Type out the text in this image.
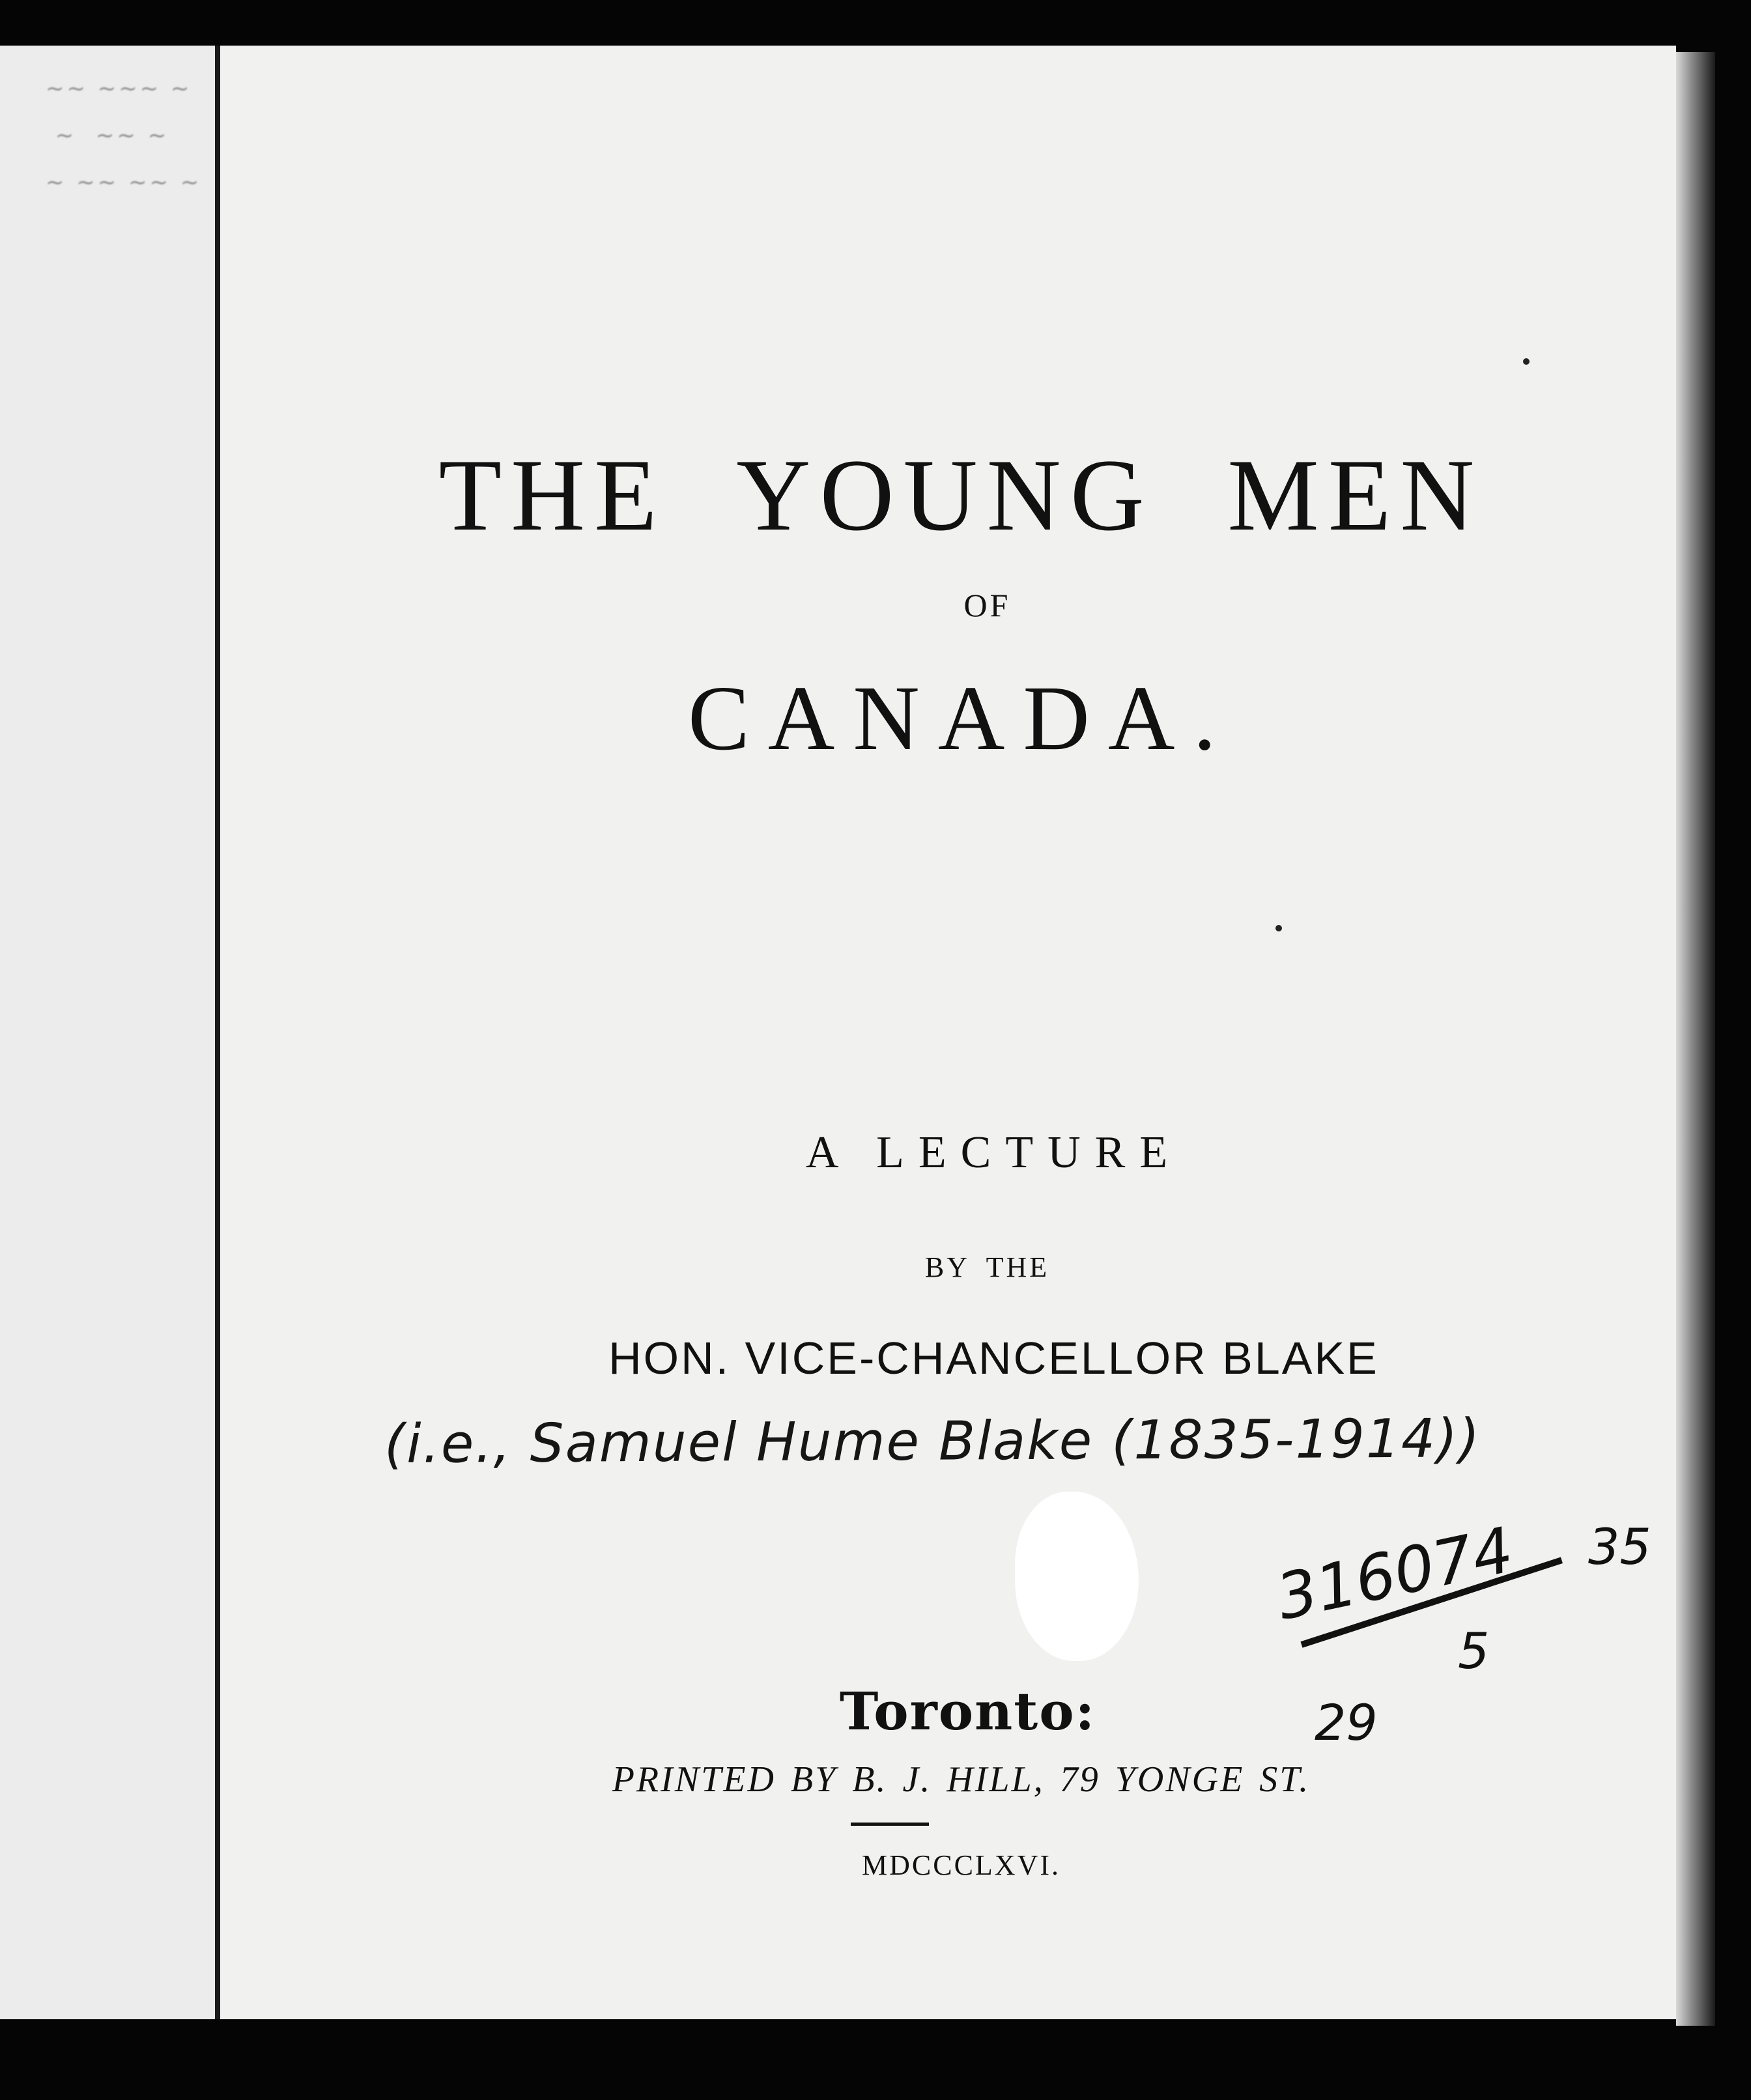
~~ ~~~ ~
~  ~~ ~
~ ~~ ~~ ~
THE YOUNG MEN
OF
CANADA.
A LECTURE
BY THE
HON. VICE-CHANCELLOR BLAKE
(i.e., Samuel Hume Blake (1835-1914))
316074 35
5
29
Toronto:
PRINTED BY B. J. HILL, 79 YONGE ST.
MDCCCLXVI.
